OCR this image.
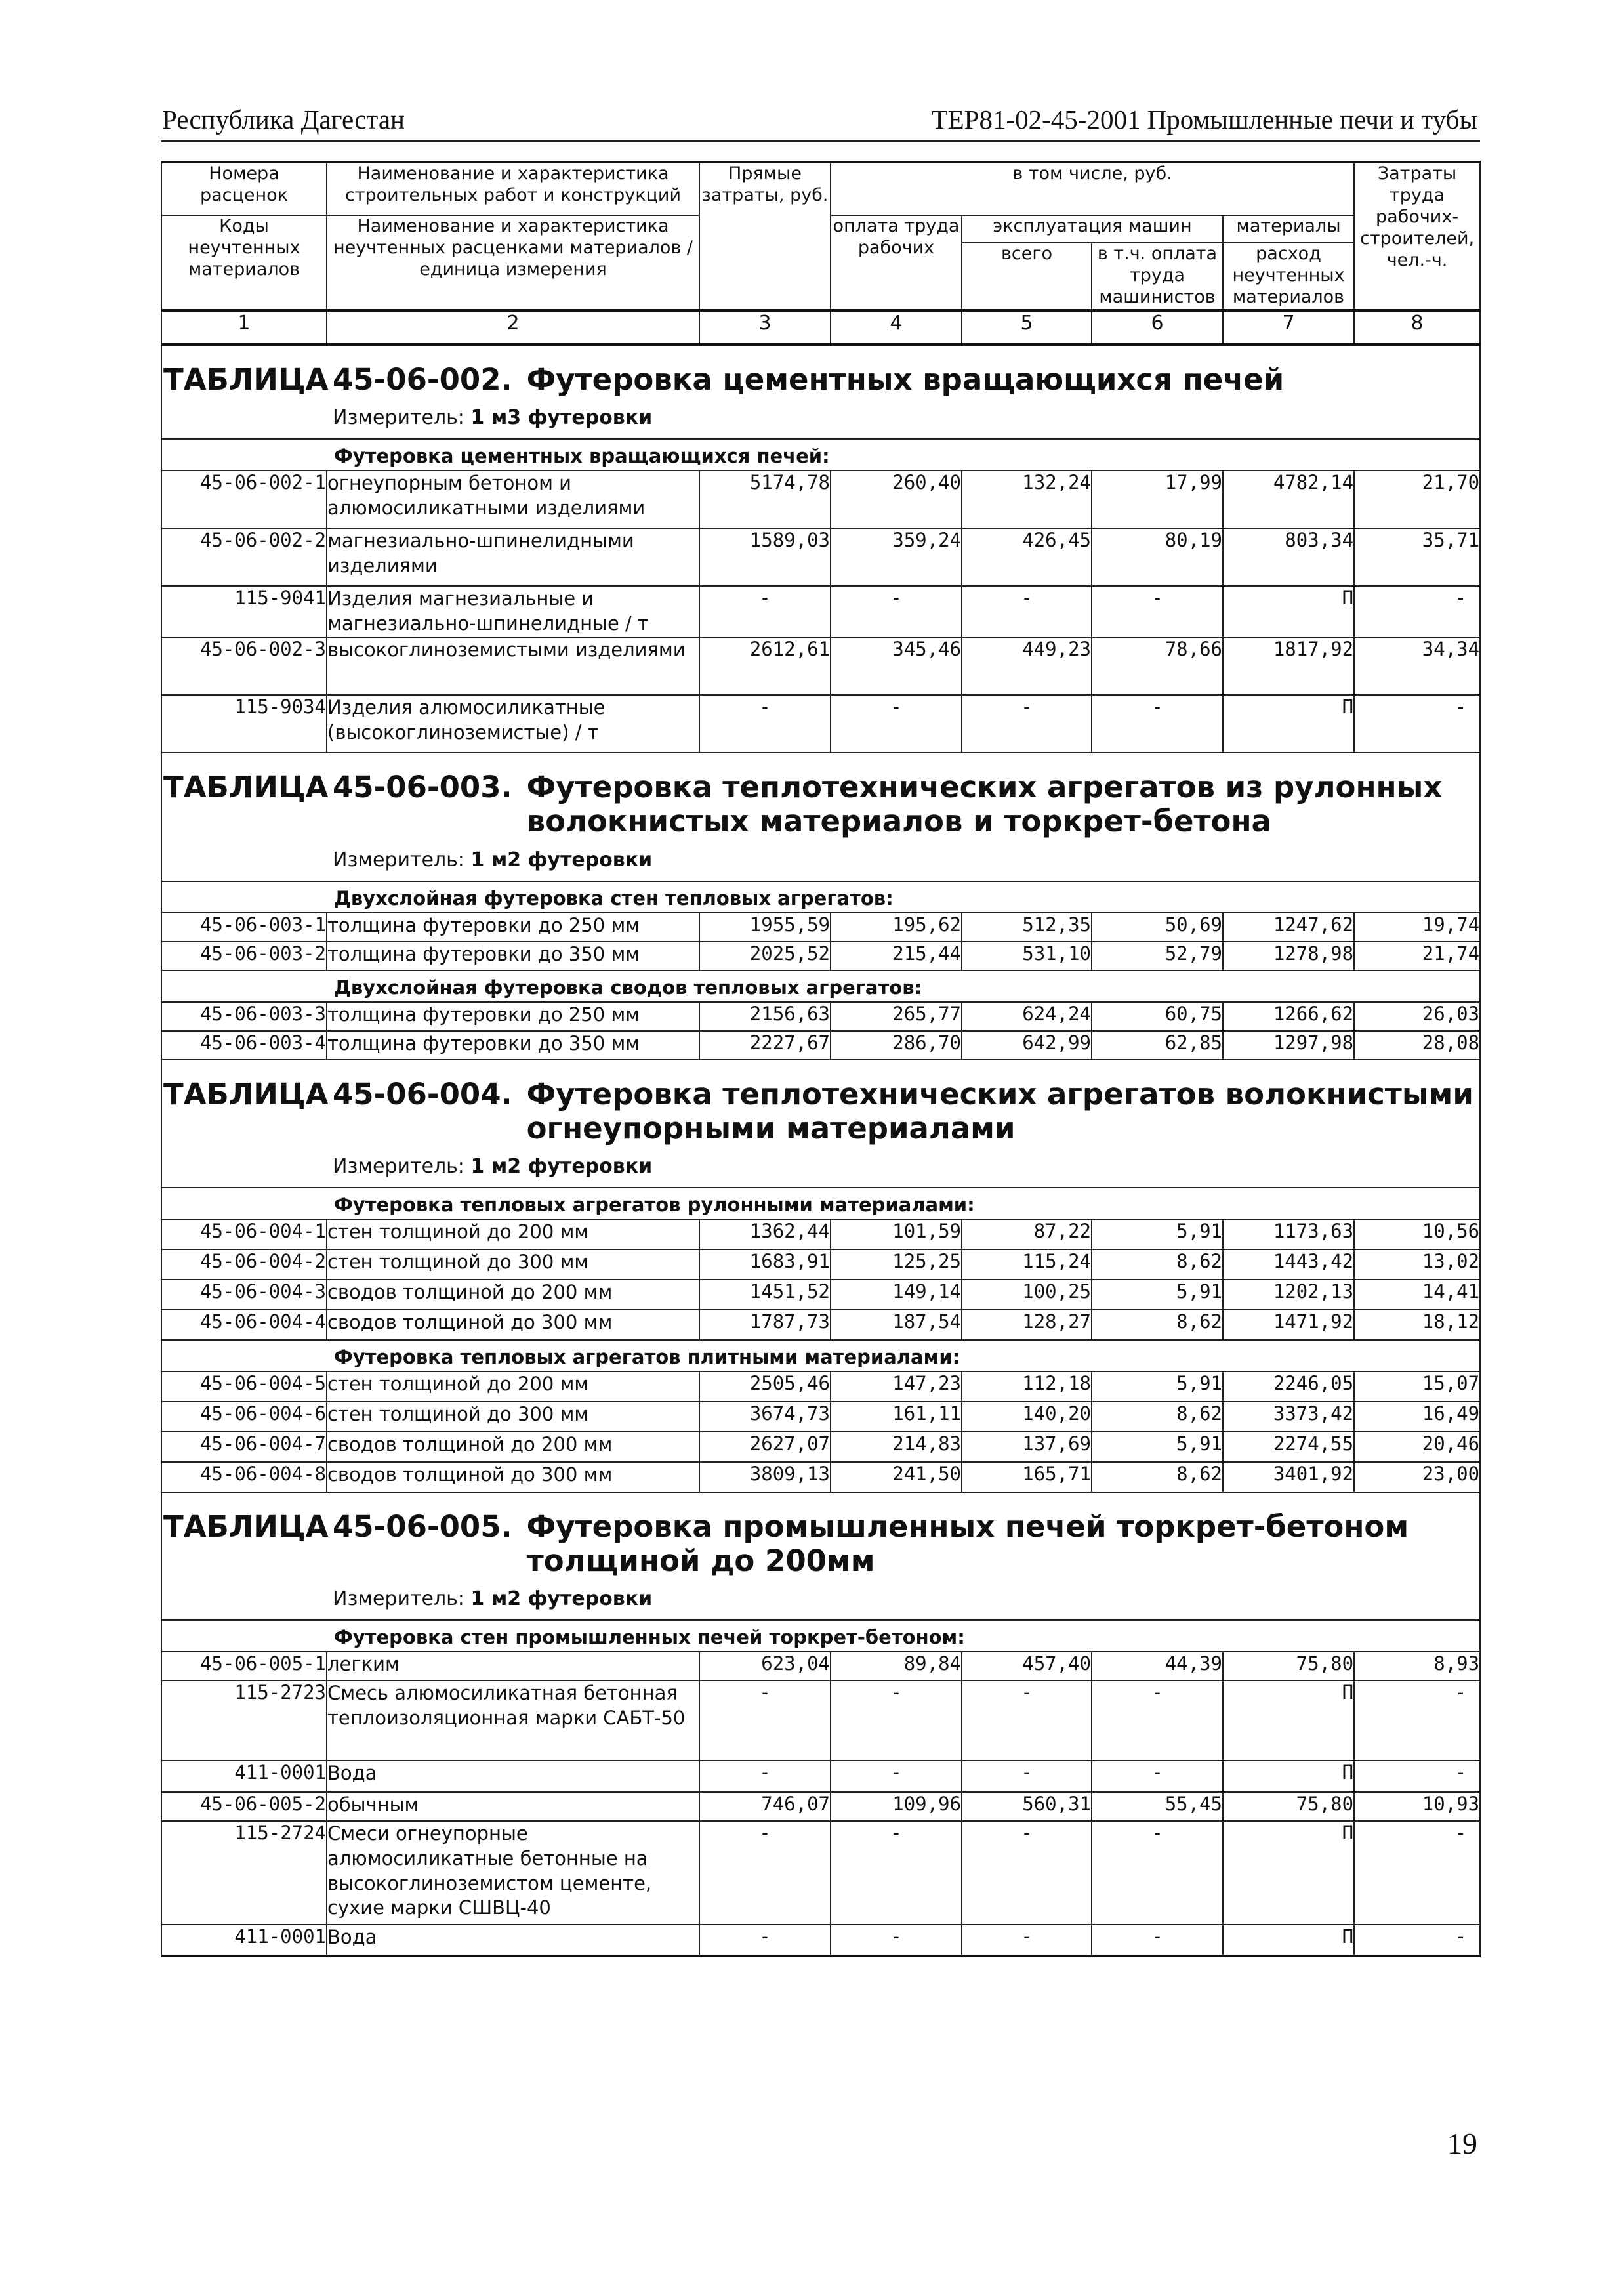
Республика Дагестан	ТЕР81-02-45-2001 Промышленные печи и тубы
Номера расценок	Наименование и характеристика строительных работ и конструкций	Прямые затраты, руб.	в том числе, руб.				Затраты труда рабочих-строителей, чел.-ч.
Коды неучтенных материалов	Наименование и характеристика неучтенных расценками материалов / единица измерения		оплата труда рабочих	эксплуатация машин		материалы	
				всего	в т.ч. оплата труда машинистов	расход неучтенных материалов	
1	2	3	4	5	6	7	8

ТАБЛИЦА 45-06-002. Футеровка цементных вращающихся печей							

Измеритель: 1 м3 футеровки							
Футеровка цементных вращающихся печей:							
45-06-002-1	огнеупорным бетоном и алюмосиликатными изделиями	5174,78	260,40	132,24	17,99	4782,14	21,70
45-06-002-2	магнезиально-шпинелидными изделиями	1589,03	359,24	426,45	80,19	803,34	35,71
115-9041	Изделия магнезиальные и магнезиально-шпинелидные / т	-	-	-	-	П	-
45-06-002-3	высокоглиноземистыми изделиями	2612,61	345,46	449,23	78,66	1817,92	34,34
115-9034	Изделия алюмосиликатные (высокоглиноземистые) / т	-	-	-	-	П	-

ТАБЛИЦА 45-06-003. Футеровка теплотехнических агрегатов из рулонных волокнистых материалов и торкрет-бетона							

Измеритель: 1 м2 футеровки							
Двухслойная футеровка стен тепловых агрегатов:							
45-06-003-1	толщина футеровки до 250 мм	1955,59	195,62	512,35	50,69	1247,62	19,74
45-06-003-2	толщина футеровки до 350 мм	2025,52	215,44	531,10	52,79	1278,98	21,74
Двухслойная футеровка сводов тепловых агрегатов:							
45-06-003-3	толщина футеровки до 250 мм	2156,63	265,77	624,24	60,75	1266,62	26,03
45-06-003-4	толщина футеровки до 350 мм	2227,67	286,70	642,99	62,85	1297,98	28,08

ТАБЛИЦА 45-06-004. Футеровка теплотехнических агрегатов волокнистыми огнеупорными материалами							

Измеритель: 1 м2 футеровки							
Футеровка тепловых агрегатов рулонными материалами:							
45-06-004-1	стен толщиной до 200 мм	1362,44	101,59	87,22	5,91	1173,63	10,56
45-06-004-2	стен толщиной до 300 мм	1683,91	125,25	115,24	8,62	1443,42	13,02
45-06-004-3	сводов толщиной до 200 мм	1451,52	149,14	100,25	5,91	1202,13	14,41
45-06-004-4	сводов толщиной до 300 мм	1787,73	187,54	128,27	8,62	1471,92	18,12
Футеровка тепловых агрегатов плитными материалами:							
45-06-004-5	стен толщиной до 200 мм	2505,46	147,23	112,18	5,91	2246,05	15,07
45-06-004-6	стен толщиной до 300 мм	3674,73	161,11	140,20	8,62	3373,42	16,49
45-06-004-7	сводов толщиной до 200 мм	2627,07	214,83	137,69	5,91	2274,55	20,46
45-06-004-8	сводов толщиной до 300 мм	3809,13	241,50	165,71	8,62	3401,92	23,00

ТАБЛИЦА 45-06-005. Футеровка промышленных печей торкрет-бетоном толщиной до 200мм							

Измеритель: 1 м2 футеровки							
Футеровка стен промышленных печей торкрет-бетоном:							
45-06-005-1	легким	623,04	89,84	457,40	44,39	75,80	8,93
115-2723	Смесь алюмосиликатная бетонная теплоизоляционная марки САБТ-50	-	-	-	-	П	-
411-0001	Вода	-	-	-	-	П	-
45-06-005-2	обычным	746,07	109,96	560,31	55,45	75,80	10,93
115-2724	Смеси огнеупорные алюмосиликатные бетонные на высокоглиноземистом цементе, сухие марки СШВЦ-40	-	-	-	-	П	-
411-0001	Вода	-	-	-	-	П	-
19
